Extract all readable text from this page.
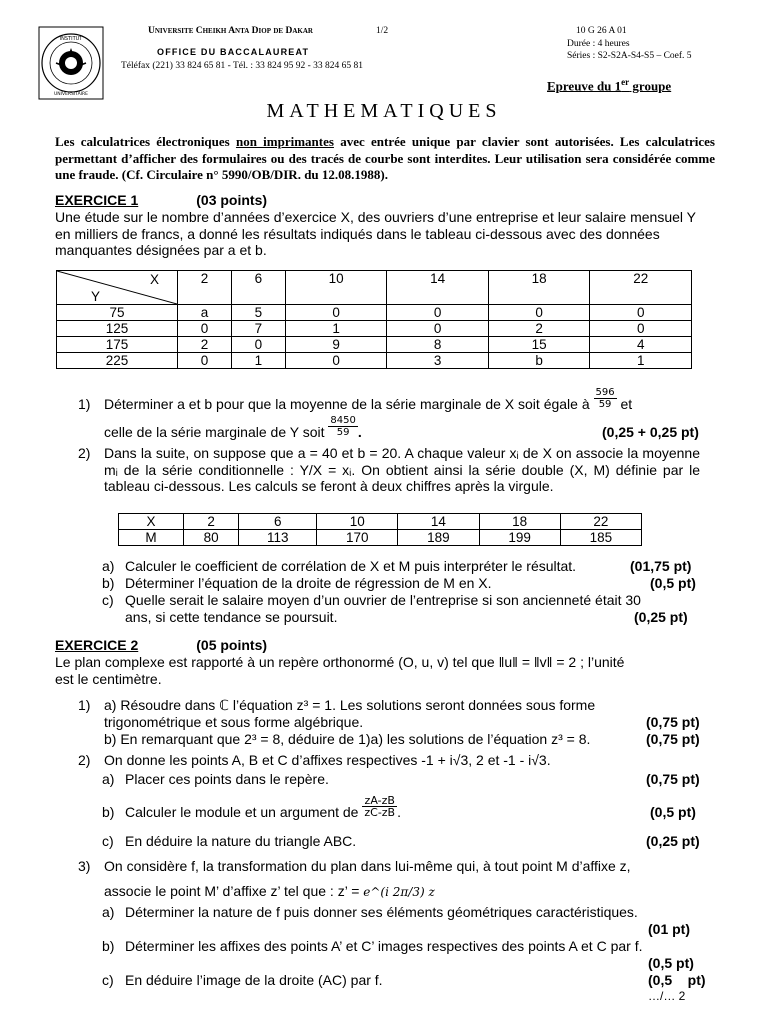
INSTITUT
UNIVERSITAIRE
Universite Cheikh Anta Diop de Dakar	1/2
OFFICE DU BACCALAUREAT
Téléfax (221) 33 824 65 81 - Tél. : 33 824 95 92 - 33 824 65 81
10 G 26 A 01
Durée : 4 heures
Séries : S2-S2A-S4-S5 – Coef. 5
Epreuve du 1er groupe
MATHEMATIQUES
Les calculatrices électroniques non imprimantes avec entrée unique par clavier sont autorisées. Les calculatrices permettant d’afficher des formulaires ou des tracés de courbe sont interdites. Leur utilisation sera considérée comme une fraude. (Cf. Circulaire n° 5990/OB/DIR. du 12.08.1988).
EXERCICE 1	(03 points)
Une étude sur le nombre d’années d’exercice X, des ouvriers d’une entreprise et leur salaire mensuel Y en milliers de francs, a donné les résultats indiqués dans le tableau ci-dessous avec des données manquantes désignées par a et b.
X
Y	2	6	10	14	18	22
75	a	5	0	0	0	0
125	0	7	1	0	2	0
175	2	0	9	8	15	4
225	0	1	0	3	b	1
1) Déterminer a et b pour que la moyenne de la série marginale de X soit égale à $\frac{596}{59}$ et
celle de la série marginale de Y soit $\frac{8450}{59}$ .	(0,25 + 0,25 pt)
2) Dans la suite, on suppose que a = 40 et b = 20. A chaque valeur xᵢ de X on associe la moyenne mᵢ de la série conditionnelle : Y/X = xᵢ. On obtient ainsi la série double (X, M) définie par le tableau ci-dessous. Les calculs se feront à deux chiffres après la virgule.
X	2	6	10	14	18	22
M	80	113	170	189	199	185
a) Calculer le coefficient de corrélation de X et M puis interpréter le résultat.	(01,75 pt)
b) Déterminer l’équation de la droite de régression de M en X.	(0,5 pt)
c) Quelle serait le salaire moyen d’un ouvrier de l’entreprise si son ancienneté était 30
ans, si cette tendance se poursuit.	(0,25 pt)
EXERCICE 2	(05 points)
Le plan complexe est rapporté à un repère orthonormé (O, u, v) tel que ‖u‖ = ‖v‖ = 2 ; l’unité
est le centimètre.
1) a) Résoudre dans ℂ l’équation z³ = 1. Les solutions seront données sous forme
trigonométrique et sous forme algébrique.	(0,75 pt)
b) En remarquant que 2³ = 8, déduire de 1)a) les solutions de l’équation z³ = 8.	(0,75 pt)
2) On donne les points A, B et C d’affixes respectives -1 + i√3, 2 et -1 - i√3.
a) Placer ces points dans le repère.	(0,75 pt)
b) Calculer le module et un argument de $\frac{zA-zB}{zC-zB}$ .	(0,5 pt)
c) En déduire la nature du triangle ABC.	(0,25 pt)
3) On considère f, la transformation du plan dans lui-même qui, à tout point M d’affixe z,
associe le point M’ d’affixe z’ tel que : z’ = e^(i 2π/3) z
a) Déterminer la nature de f puis donner ses éléments géométriques caractéristiques.
(01 pt)
b) Déterminer les affixes des points A’ et C’ images respectives des points A et C par f.
(0,5 pt)
c) En déduire l’image de la droite (AC) par f.	(0,5    pt)
…/… 2
